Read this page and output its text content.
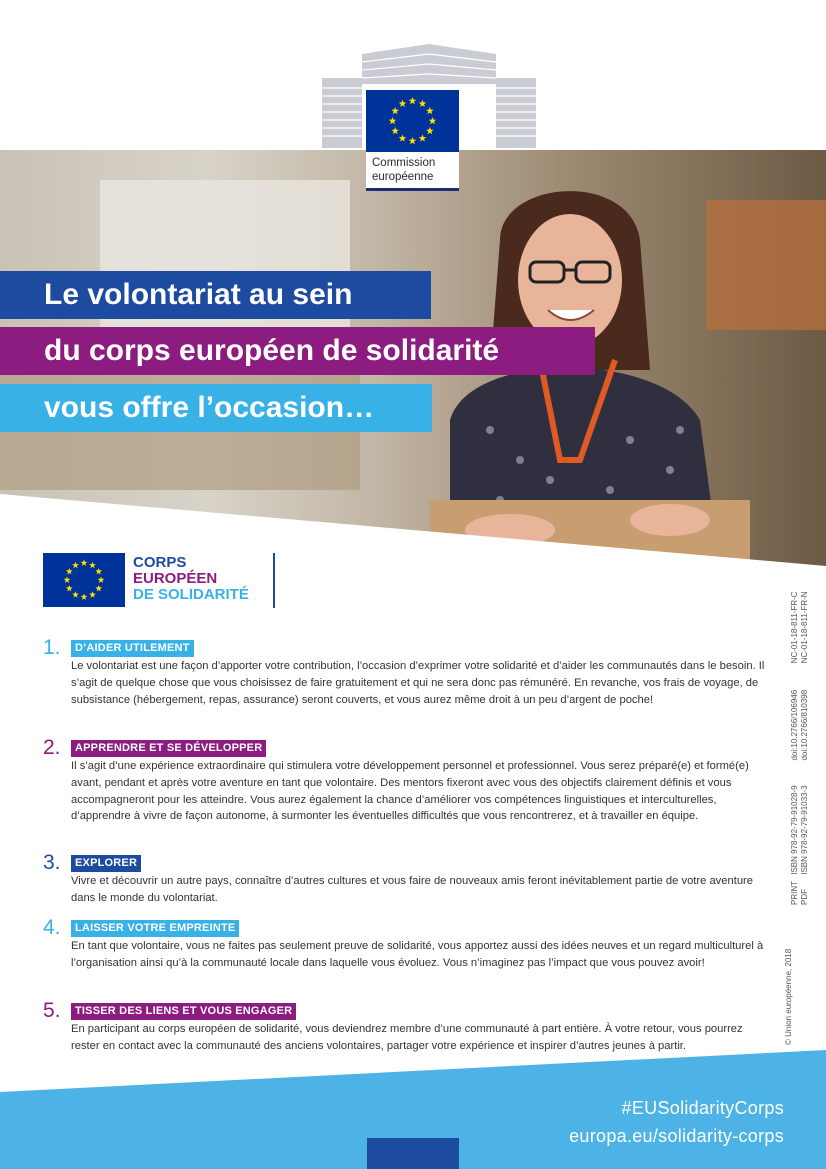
Commission
européenne
Le volontariat au sein
du corps européen de solidarité
vous offre l’occasion…
CORPS
EUROPÉEN
DE SOLIDARITÉ
1.	D’AIDER UTILEMENT
Le volontariat est une façon d’apporter votre contribution, l’occasion d’exprimer votre solidarité et d’aider les communautés dans le besoin. Il s’agit de quelque chose que vous choisissez de faire gratuitement et qui ne sera donc pas rémunéré. En revanche, vos frais de voyage, de subsistance (hébergement, repas, assurance) seront couverts, et vous aurez même droit à un peu d’argent de poche!
2.	APPRENDRE ET SE DÉVELOPPER
Il s’agit d’une expérience extraordinaire qui stimulera votre développement personnel et professionnel. Vous serez préparé(e) et formé(e) avant, pendant et après votre aventure en tant que volontaire. Des mentors fixeront avec vous des objectifs clairement définis et vous accompagneront pour les atteindre. Vous aurez également la chance d’améliorer vos compétences linguistiques et interculturelles, d’apprendre à vivre de façon autonome, à surmonter les éventuelles difficultés que vous rencontrerez, et à travailler en équipe.
3.	EXPLORER
Vivre et découvrir un autre pays, connaître d’autres cultures et vous faire de nouveaux amis feront inévitablement partie de votre aventure dans le monde du volontariat.
4.	LAISSER VOTRE EMPREINTE
En tant que volontaire, vous ne faites pas seulement preuve de solidarité, vous apportez aussi des idées neuves et un regard multiculturel à l’organisation ainsi qu’à la communauté locale dans laquelle vous évoluez. Vous n’imaginez pas l’impact que vous pouvez avoir!
5.	TISSER DES LIENS ET VOUS ENGAGER
En participant au corps européen de solidarité, vous deviendrez membre d’une communauté à part entière. À votre retour, vous pourrez rester en contact avec la communauté des anciens volontaires, partager votre expérience et inspirer d’autres jeunes à partir.
© Union européenne, 2018
PRINT ISBN 978-92-79-91028-9 doi:10.2766/106946 NC-01-18-811-FR-C
PDF ISBN 978-92-79-91033-3 doi:10.2766/810398 NC-01-18-811-FR-N
#EUSolidarityCorps
europa.eu/solidarity-corps
